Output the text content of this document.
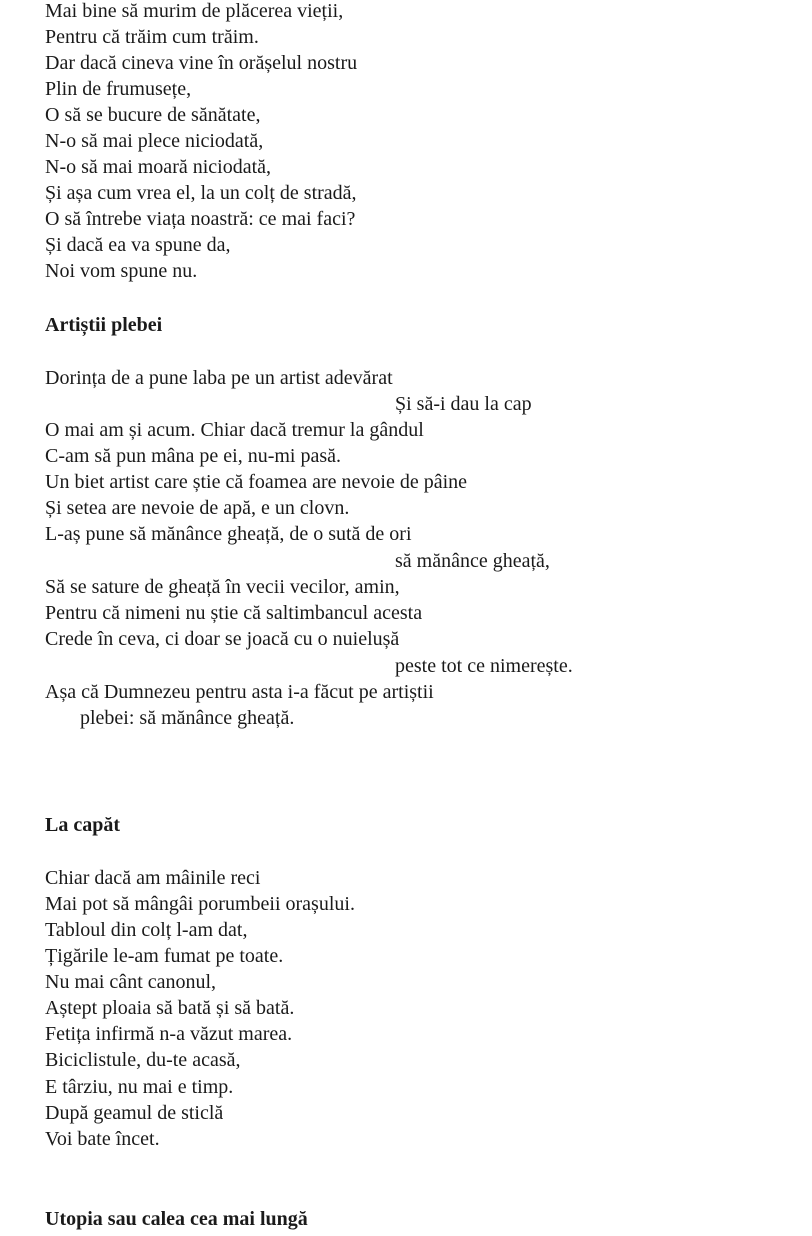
Mai bine să murim de plăcerea vieții,
Pentru că trăim cum trăim.
Dar dacă cineva vine în orășelul nostru
Plin de frumusețe,
O să se bucure de sănătate,
N-o să mai plece niciodată,
N-o să mai moară niciodată,
Și așa cum vrea el, la un colț de stradă,
O să întrebe viața noastră: ce mai faci?
Și dacă ea va spune da,
Noi vom spune nu.
Artiștii plebei
Dorința de a pune laba pe un artist adevărat
Și să-i dau la cap
O mai am și acum. Chiar dacă tremur la gândul
C-am să pun mâna pe ei, nu-mi pasă.
Un biet artist care știe că foamea are nevoie de pâine
Și setea are nevoie de apă, e un clovn.
L-aș pune să mănânce gheață, de o sută de ori
să mănânce gheață,
Să se sature de gheață în vecii vecilor, amin,
Pentru că nimeni nu știe că saltimbancul acesta
Crede în ceva, ci doar se joacă cu o nuielușă
peste tot ce nimerește.
Așa că Dumnezeu pentru asta i-a făcut pe artiștii
plebei: să mănânce gheață.
La capăt
Chiar dacă am mâinile reci
Mai pot să mângâi porumbeii orașului.
Tabloul din colț l-am dat,
Țigările le-am fumat pe toate.
Nu mai cânt canonul,
Aștept ploaia să bată și să bată.
Fetița infirmă n-a văzut marea.
Biciclistule, du-te acasă,
E târziu, nu mai e timp.
După geamul de sticlă
Voi bate încet.
Utopia sau calea cea mai lungă
